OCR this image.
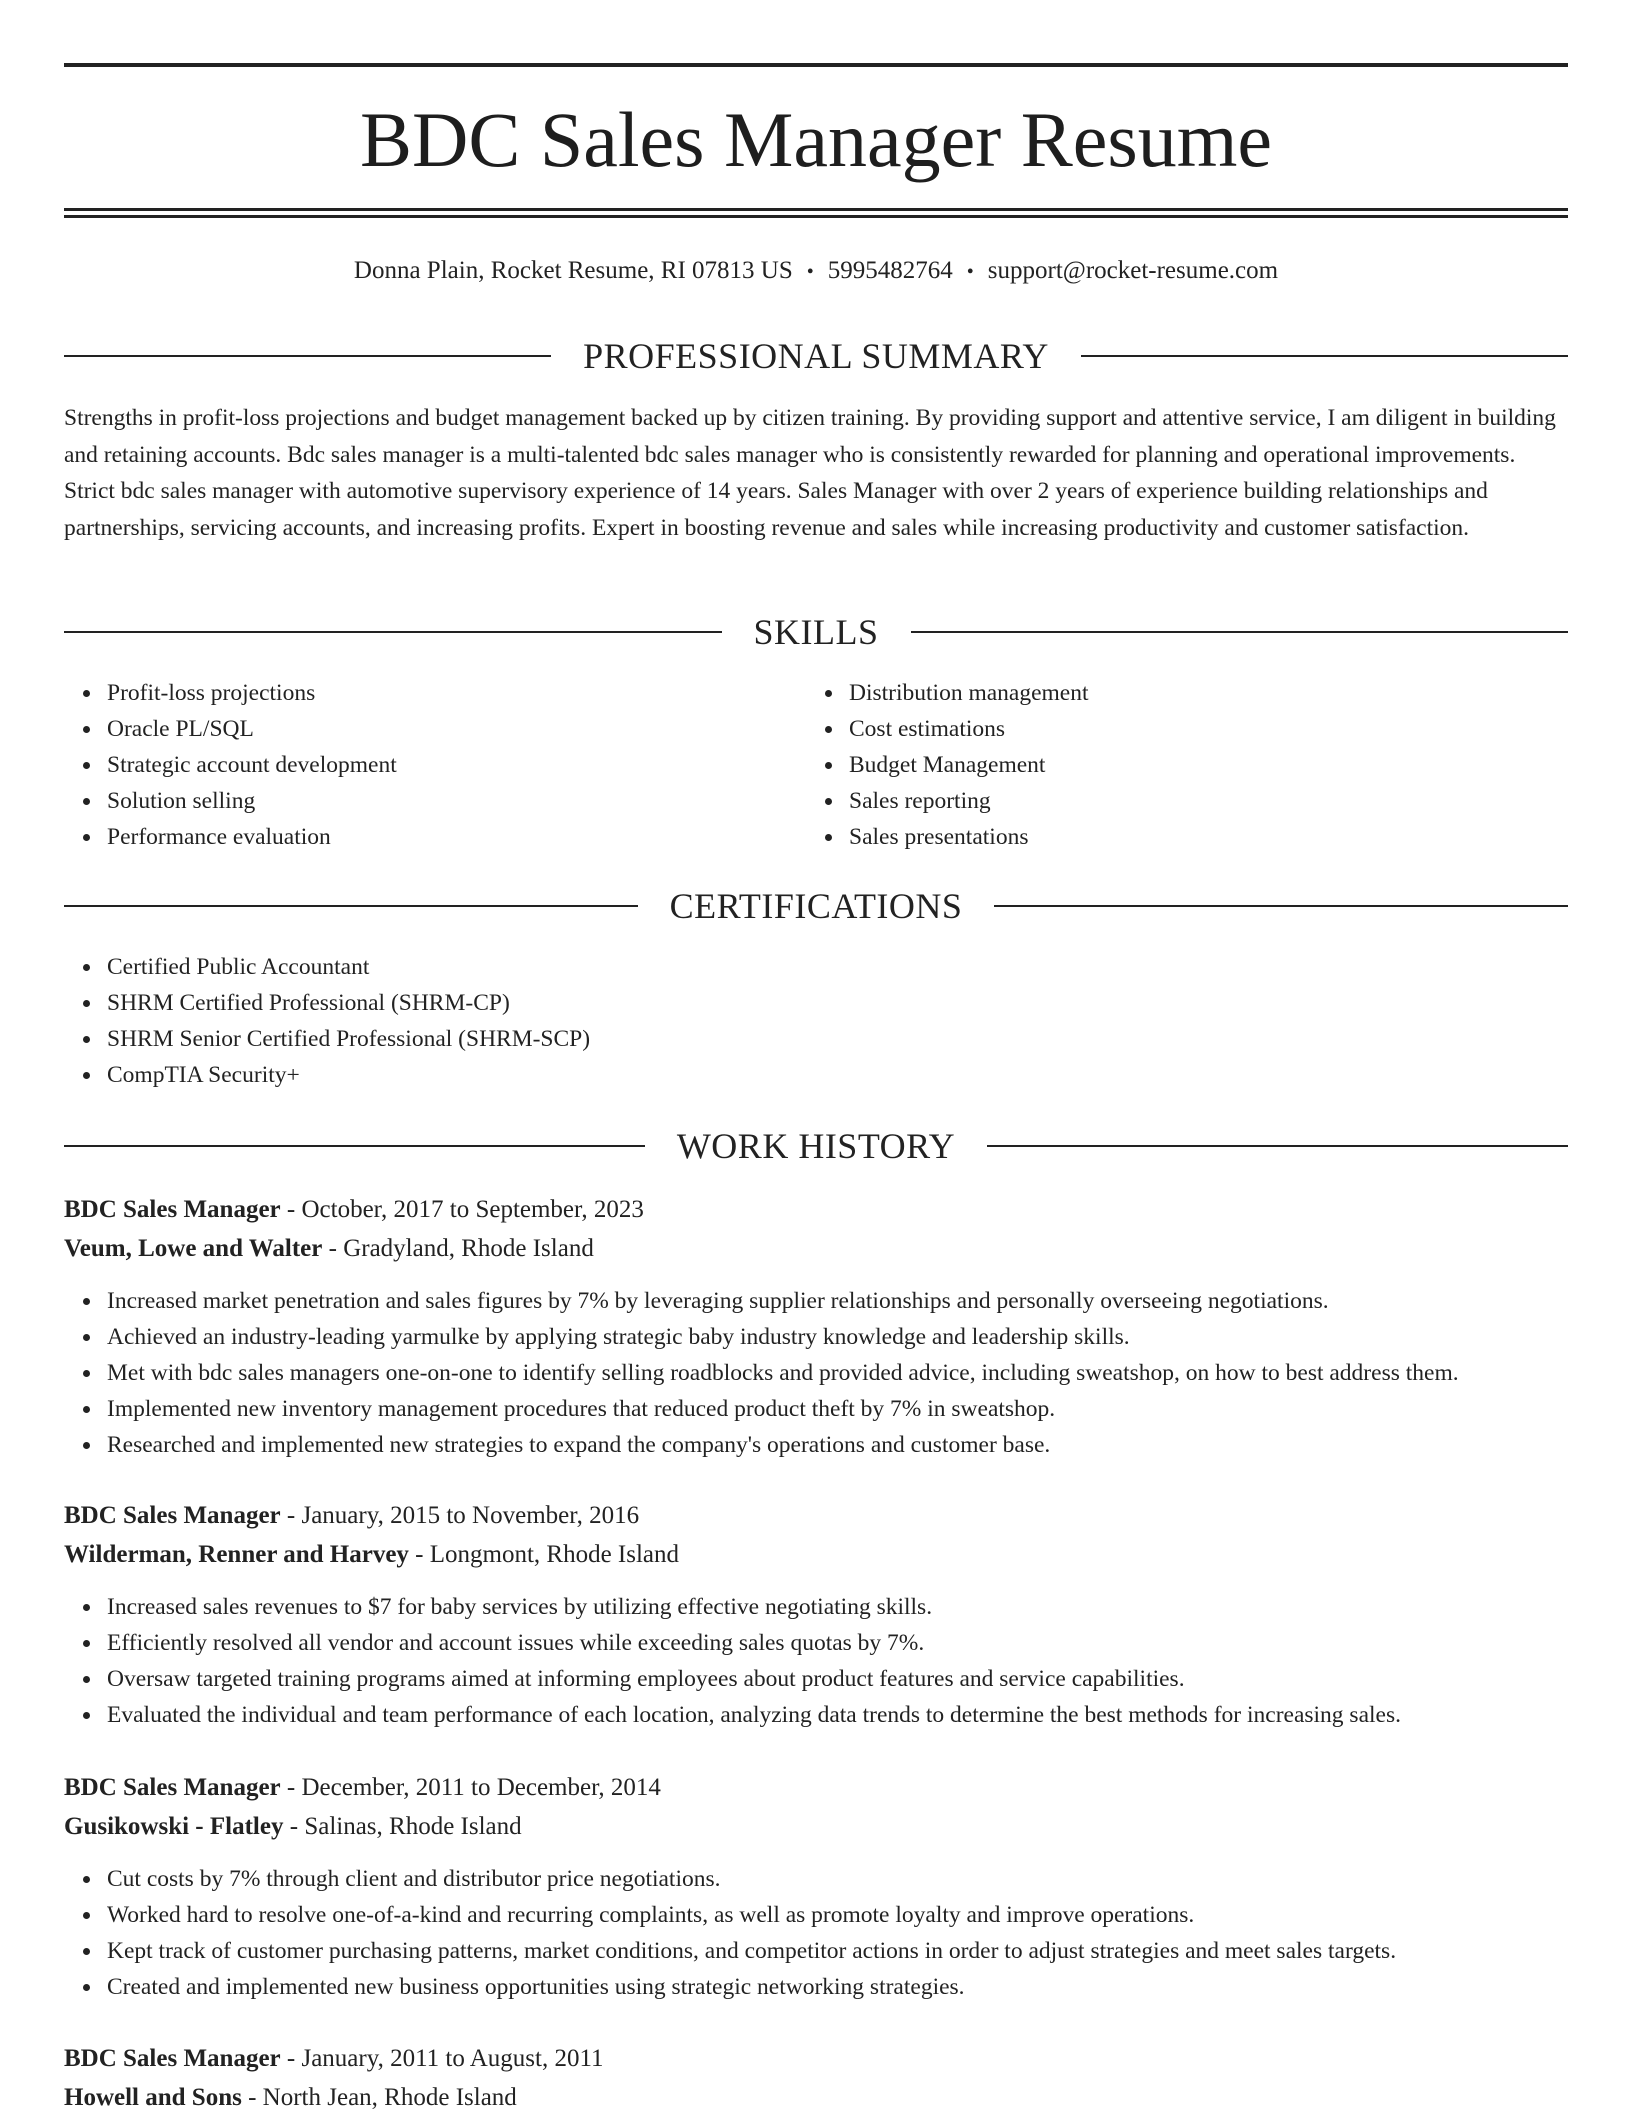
BDC Sales Manager Resume
Donna Plain, Rocket Resume, RI 07813 US • 5995482764 • support@rocket-resume.com
PROFESSIONAL SUMMARY

Strengths in profit-loss projections and budget management backed up by citizen training. By providing support and attentive service, I am diligent in building and retaining accounts. Bdc sales manager is a multi-talented bdc sales manager who is consistently rewarded for planning and operational improvements. Strict bdc sales manager with automotive supervisory experience of 14 years. Sales Manager with over 2 years of experience building relationships and partnerships, servicing accounts, and increasing profits. Expert in boosting revenue and sales while increasing productivity and customer satisfaction.

SKILLS
Profit-loss projections
Oracle PL/SQL
Strategic account development
Solution selling
Performance evaluation
Distribution management
Cost estimations
Budget Management
Sales reporting
Sales presentations
CERTIFICATIONS
Certified Public Accountant
SHRM Certified Professional (SHRM-CP)
SHRM Senior Certified Professional (SHRM-SCP)
CompTIA Security+
WORK HISTORY
BDC Sales Manager - October, 2017 to September, 2023
Veum, Lowe and Walter - Gradyland, Rhode Island
Increased market penetration and sales figures by 7% by leveraging supplier relationships and personally overseeing negotiations.
Achieved an industry-leading yarmulke by applying strategic baby industry knowledge and leadership skills.
Met with bdc sales managers one-on-one to identify selling roadblocks and provided advice, including sweatshop, on how to best address them.
Implemented new inventory management procedures that reduced product theft by 7% in sweatshop.
Researched and implemented new strategies to expand the company's operations and customer base.
BDC Sales Manager - January, 2015 to November, 2016
Wilderman, Renner and Harvey - Longmont, Rhode Island
Increased sales revenues to $7 for baby services by utilizing effective negotiating skills.
Efficiently resolved all vendor and account issues while exceeding sales quotas by 7%.
Oversaw targeted training programs aimed at informing employees about product features and service capabilities.
Evaluated the individual and team performance of each location, analyzing data trends to determine the best methods for increasing sales.
BDC Sales Manager - December, 2011 to December, 2014
Gusikowski - Flatley - Salinas, Rhode Island
Cut costs by 7% through client and distributor price negotiations.
Worked hard to resolve one-of-a-kind and recurring complaints, as well as promote loyalty and improve operations.
Kept track of customer purchasing patterns, market conditions, and competitor actions in order to adjust strategies and meet sales targets.
Created and implemented new business opportunities using strategic networking strategies.
BDC Sales Manager - January, 2011 to August, 2011
Howell and Sons - North Jean, Rhode Island
